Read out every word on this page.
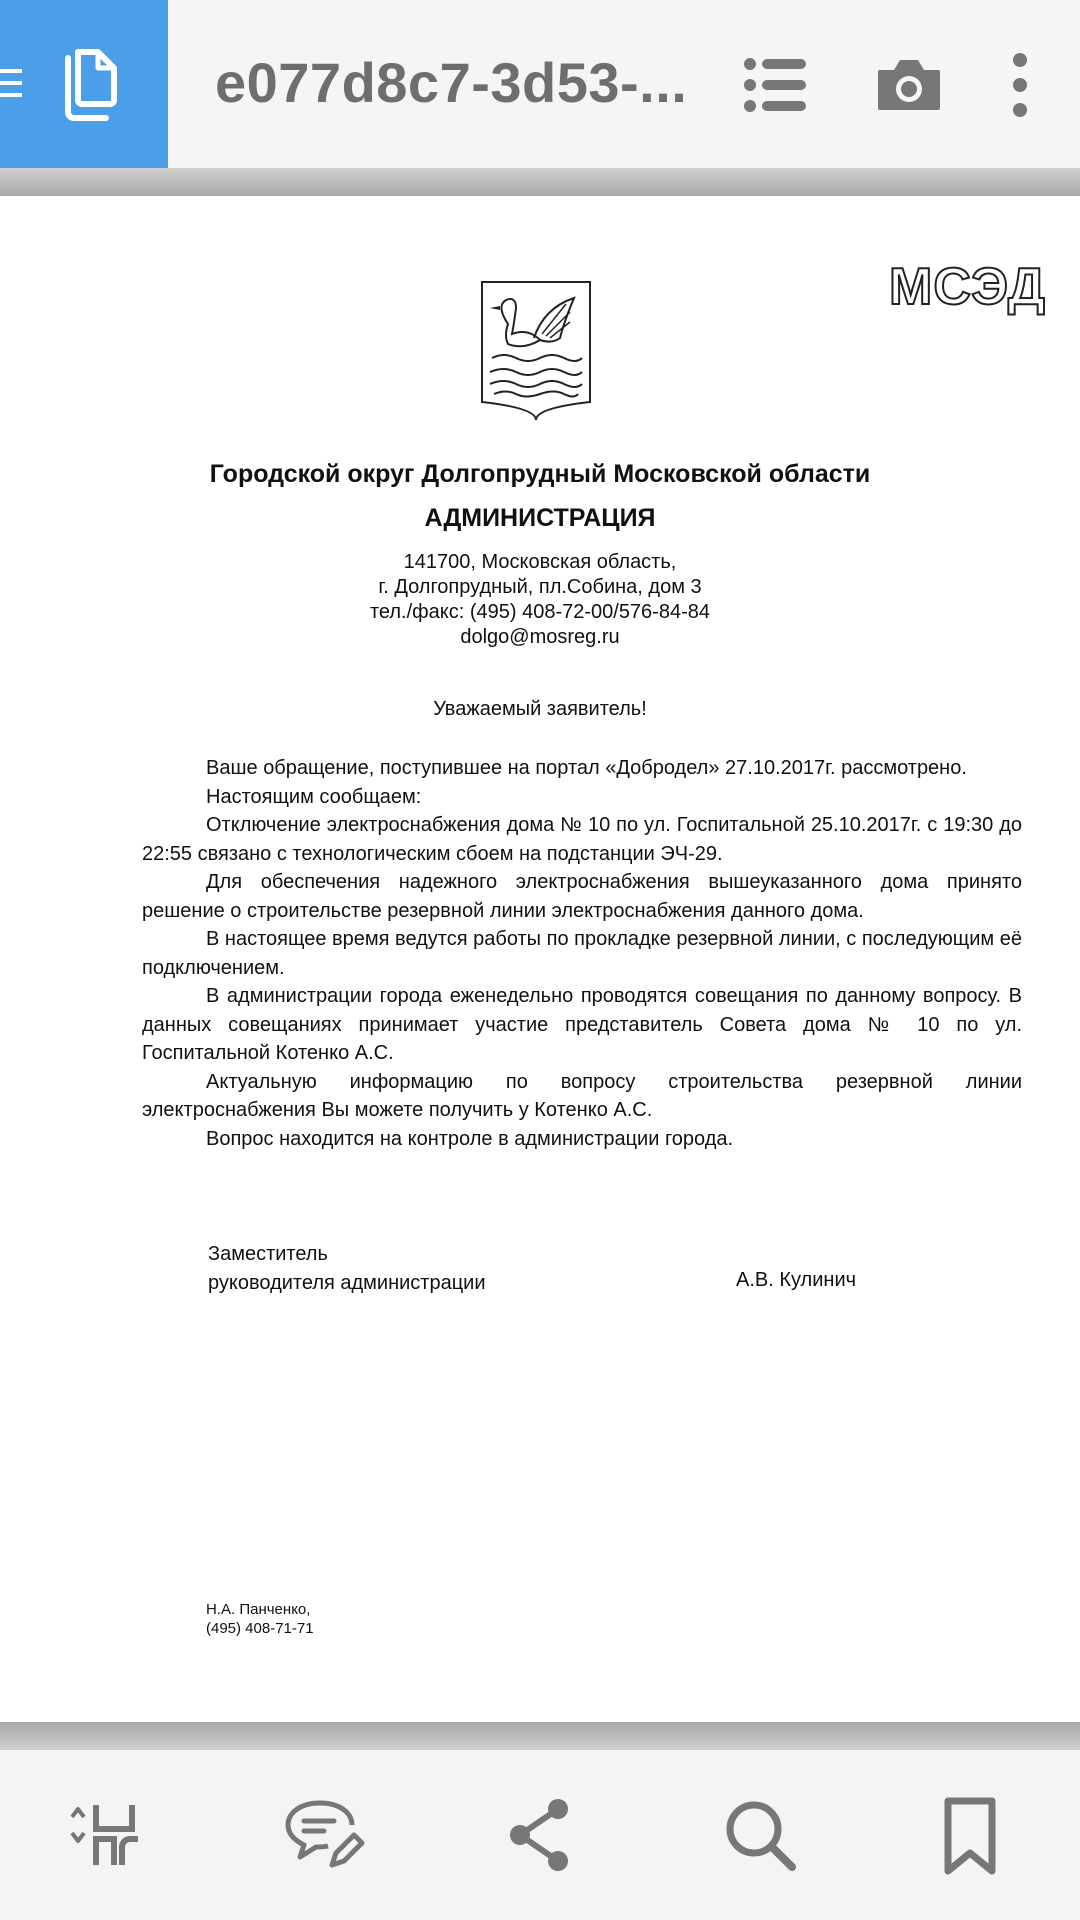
e077d8c7-3d53-...
МСЭД
Городской округ Долгопрудный Московской области
АДМИНИСТРАЦИЯ
141700, Московская область,
г. Долгопрудный, пл.Собина, дом 3
тел./факс: (495) 408-72-00/576-84-84
dolgo@mosreg.ru
Уважаемый заявитель!

Ваше обращение, поступившее на портал «Добродел» 27.10.2017г. рассмотрено.

Настоящим сообщаем:

Отключение электроснабжения дома № 10 по ул. Госпитальной 25.10.2017г. с 19:30 до 22:55 связано с технологическим сбоем на подстанции ЭЧ-29.

Для обеспечения надежного электроснабжения вышеуказанного дома принято решение о строительстве резервной линии электроснабжения данного дома.

В настоящее время ведутся работы по прокладке резервной линии, с последующим её подключением.

В администрации города еженедельно проводятся совещания по данному вопросу. В данных совещаниях принимает участие представитель Совета дома № 10 по ул. Госпитальной Котенко А.С.

Актуальную информацию по вопросу строительства резервной линии электроснабжения Вы можете получить у Котенко А.С.

Вопрос находится на контроле в администрации города.

Заместитель
руководителя администрации	А.В. Кулинич
Н.А. Панченко,
(495) 408-71-71
